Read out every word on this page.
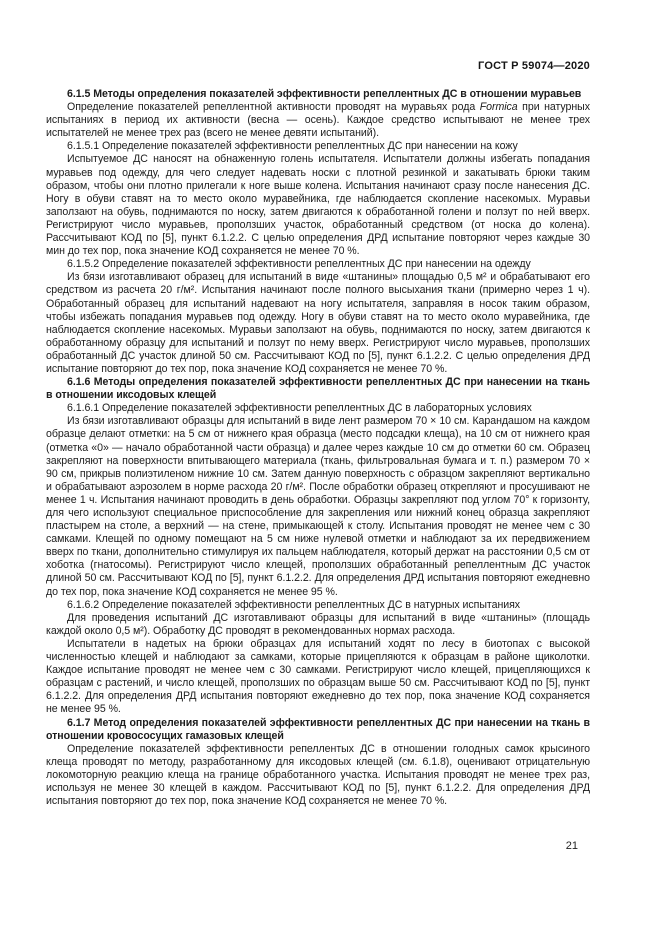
ГОСТ Р 59074—2020

6.1.5 Методы определения показателей эффективности репеллентных ДС в отношении муравьев

Определение показателей репеллентной активности проводят на муравьях рода Formica при натурных испытаниях в период их активности (весна — осень). Каждое средство испытывают не менее трех испытателей не менее трех раз (всего не менее девяти испытаний).

6.1.5.1 Определение показателей эффективности репеллентных ДС при нанесении на кожу

Испытуемое ДС наносят на обнаженную голень испытателя. Испытатели должны избегать попадания муравьев под одежду, для чего следует надевать носки с плотной резинкой и закатывать брюки таким образом, чтобы они плотно прилегали к ноге выше колена. Испытания начинают сразу после нанесения ДС. Ногу в обуви ставят на то место около муравейника, где наблюдается скопление насекомых. Муравьи заползают на обувь, поднимаются по носку, затем двигаются к обработанной голени и ползут по ней вверх. Регистрируют число муравьев, проползших участок, обработанный средством (от носка до колена). Рассчитывают КОД по [5], пункт 6.1.2.2. С целью определения ДРД испытание повторяют через каждые 30 мин до тех пор, пока значение КОД сохраняется не менее 70 %.

6.1.5.2 Определение показателей эффективности репеллентных ДС при нанесении на одежду

Из бязи изготавливают образец для испытаний в виде «штанины» площадью 0,5 м² и обрабатывают его средством из расчета 20 г/м². Испытания начинают после полного высыхания ткани (примерно через 1 ч). Обработанный образец для испытаний надевают на ногу испытателя, заправляя в носок таким образом, чтобы избежать попадания муравьев под одежду. Ногу в обуви ставят на то место около муравейника, где наблюдается скопление насекомых. Муравьи заползают на обувь, поднимаются по носку, затем двигаются к обработанному образцу для испытаний и ползут по нему вверх. Регистрируют число муравьев, проползших обработанный ДС участок длиной 50 см. Рассчитывают КОД по [5], пункт 6.1.2.2. С целью определения ДРД испытание повторяют до тех пор, пока значение КОД сохраняется не менее 70 %.

6.1.6 Методы определения показателей эффективности репеллентных ДС при нанесении на ткань в отношении иксодовых клещей

6.1.6.1 Определение показателей эффективности репеллентных ДС в лабораторных условиях

Из бязи изготавливают образцы для испытаний в виде лент размером 70 × 10 см. Карандашом на каждом образце делают отметки: на 5 см от нижнего края образца (место подсадки клеща), на 10 см от нижнего края (отметка «0» — начало обработанной части образца) и далее через каждые 10 см до отметки 60 см. Образец закрепляют на поверхности впитывающего материала (ткань, фильтровальная бумага и т. п.) размером 70 × 90 см, прикрыв полиэтиленом нижние 10 см. Затем данную поверхность с образцом закрепляют вертикально и обрабатывают аэрозолем в норме расхода 20 г/м². После обработки образец открепляют и просушивают не менее 1 ч. Испытания начинают проводить в день обработки. Образцы закрепляют под углом 70° к горизонту, для чего используют специальное приспособление для закрепления или нижний конец образца закрепляют пластырем на столе, а верхний — на стене, примыкающей к столу. Испытания проводят не менее чем с 30 самками. Клещей по одному помещают на 5 см ниже нулевой отметки и наблюдают за их передвижением вверх по ткани, дополнительно стимулируя их пальцем наблюдателя, который держат на расстоянии 0,5 см от хоботка (гнатосомы). Регистрируют число клещей, проползших обработанный репеллентным ДС участок длиной 50 см. Рассчитывают КОД по [5], пункт 6.1.2.2. Для определения ДРД испытания повторяют ежедневно до тех пор, пока значение КОД сохраняется не менее 95 %.

6.1.6.2 Определение показателей эффективности репеллентных ДС в натурных испытаниях

Для проведения испытаний ДС изготавливают образцы для испытаний в виде «штанины» (площадь каждой около 0,5 м²). Обработку ДС проводят в рекомендованных нормах расхода.

Испытатели в надетых на брюки образцах для испытаний ходят по лесу в биотопах с высокой численностью клещей и наблюдают за самками, которые прицепляются к образцам в районе щиколотки. Каждое испытание проводят не менее чем с 30 самками. Регистрируют число клещей, прицепляющихся к образцам с растений, и число клещей, проползших по образцам выше 50 см. Рассчитывают КОД по [5], пункт 6.1.2.2. Для определения ДРД испытания повторяют ежедневно до тех пор, пока значение КОД сохраняется не менее 95 %.

6.1.7 Метод определения показателей эффективности репеллентных ДС при нанесении на ткань в отношении кровососущих гамазовых клещей

Определение показателей эффективности репеллентых ДС в отношении голодных самок крысиного клеща проводят по методу, разработанному для иксодовых клещей (см. 6.1.8), оценивают отрицательную локомоторную реакцию клеща на границе обработанного участка. Испытания проводят не менее трех раз, используя не менее 30 клещей в каждом. Рассчитывают КОД по [5], пункт 6.1.2.2. Для определения ДРД испытания повторяют до тех пор, пока значение КОД сохраняется не менее 70 %.

21
